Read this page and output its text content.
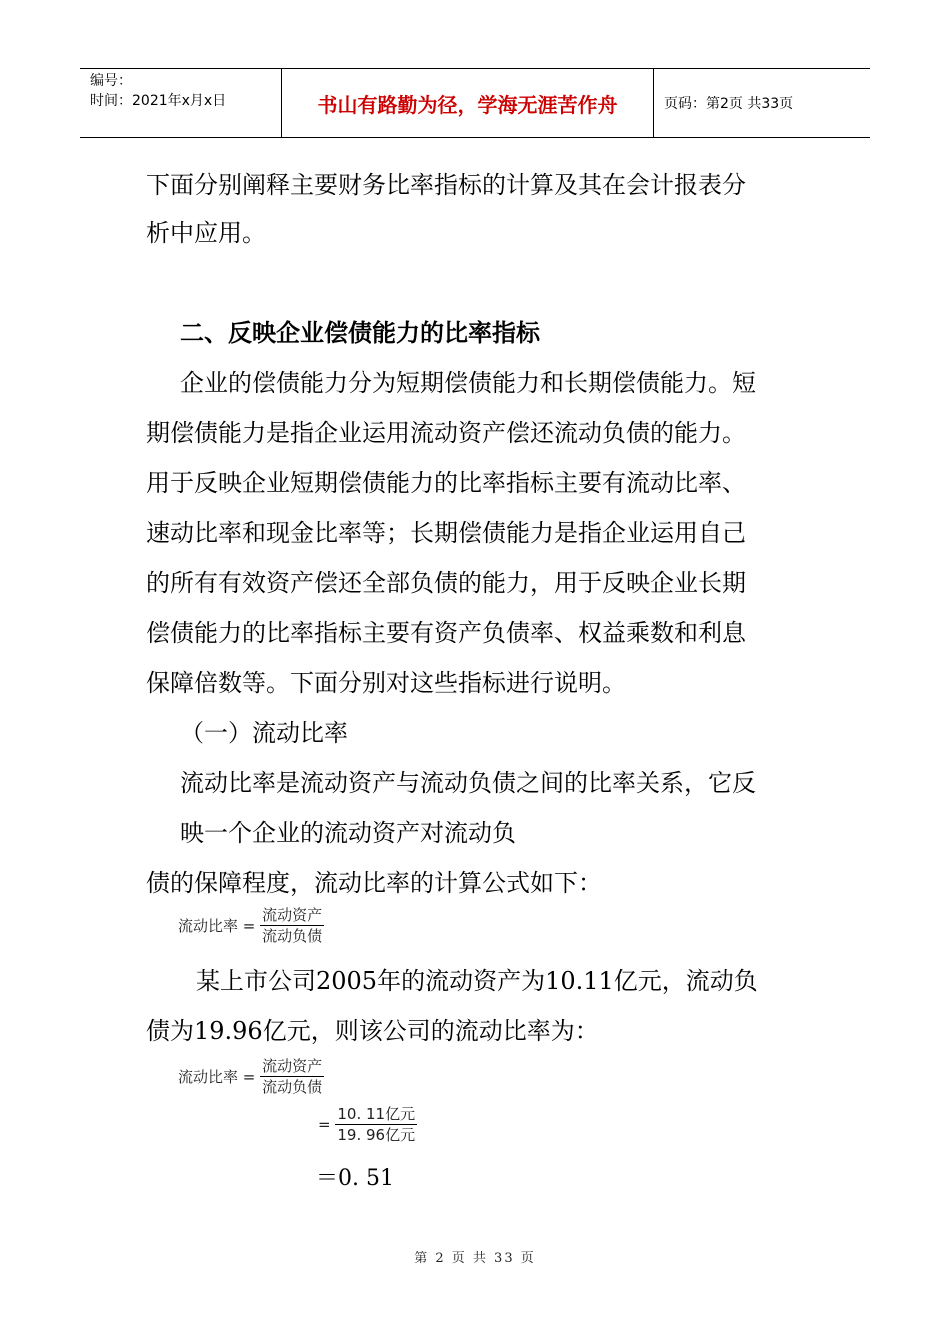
编号：
时间：2021年x月x日	书山有路勤为径，学海无涯苦作舟	页码：第2页 共33页
下面分别阐释主要财务比率指标的计算及其在会计报表分
析中应用。
二、反映企业偿债能力的比率指标
企业的偿债能力分为短期偿债能力和长期偿债能力。短
期偿债能力是指企业运用流动资产偿还流动负债的能力。
用于反映企业短期偿债能力的比率指标主要有流动比率、
速动比率和现金比率等；长期偿债能力是指企业运用自己
的所有有效资产偿还全部负债的能力，用于反映企业长期
偿债能力的比率指标主要有资产负债率、权益乘数和利息
保障倍数等。下面分别对这些指标进行说明。
（一）流动比率
流动比率是流动资产与流动负债之间的比率关系，它反
映一个企业的流动资产对流动负
债的保障程度，流动比率的计算公式如下：
流动比率 = $\frac{\text{流动资产}}{\text{流动负债}}$
某上市公司2005年的流动资产为10.11亿元，流动负
债为19.96亿元，则该公司的流动比率为：
流动比率 = $\frac{\text{流动资产}}{\text{流动负债}}$
= $\frac{\text{10. 11亿元}}{\text{19. 96亿元}}$
＝0. 51
第 2 页 共 33 页
